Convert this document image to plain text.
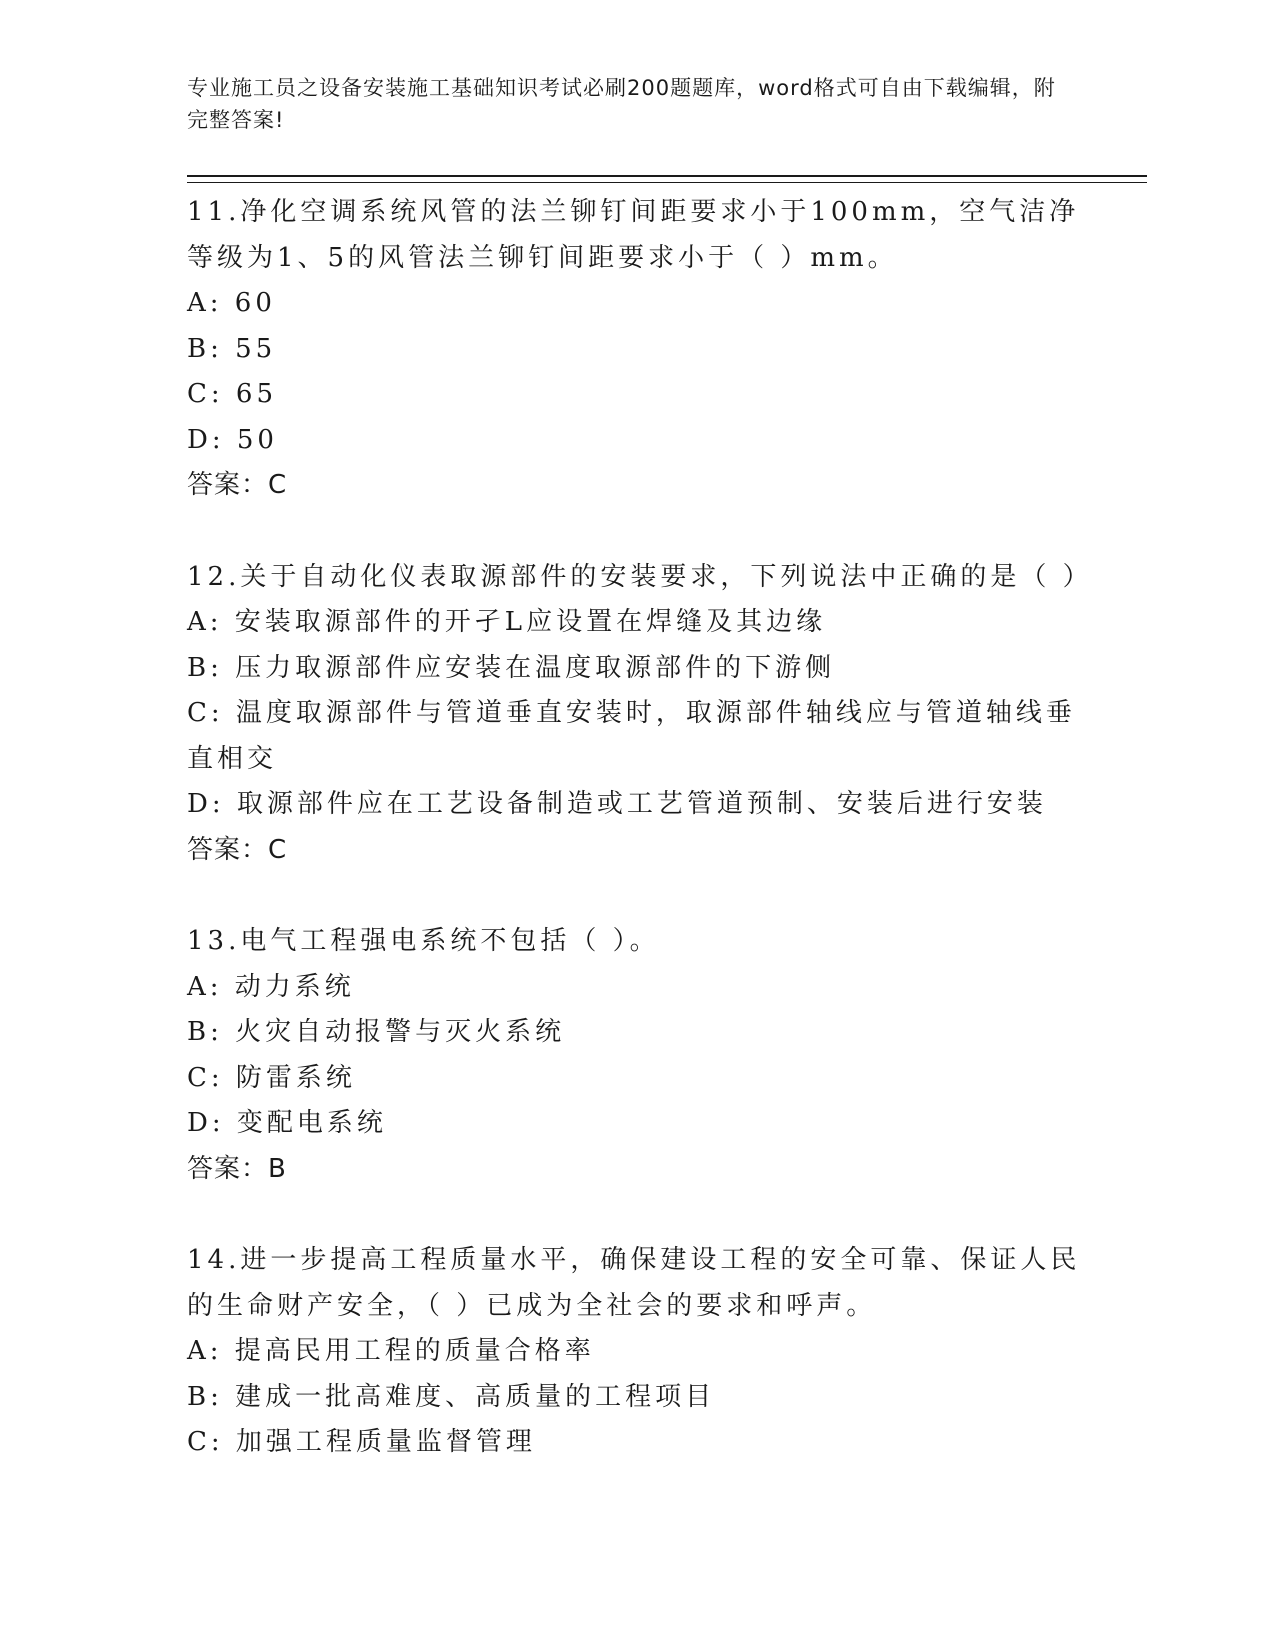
专业施工员之设备安装施工基础知识考试必刷200题题库，word格式可自由下载编辑，附完整答案!

11.净化空调系统风管的法兰铆钉间距要求小于100mm，空气洁净等级为1、5的风管法兰铆钉间距要求小于（ ）mm。

A: 60

B: 55

C: 65

D: 50

答案：C

12.关于自动化仪表取源部件的安装要求，下列说法中正确的是（ ）

A: 安装取源部件的开孑L应设置在焊缝及其边缘

B: 压力取源部件应安装在温度取源部件的下游侧

C: 温度取源部件与管道垂直安装时，取源部件轴线应与管道轴线垂直相交

D: 取源部件应在工艺设备制造或工艺管道预制、安装后进行安装

答案：C

13.电气工程强电系统不包括（ ）。

A: 动力系统

B: 火灾自动报警与灭火系统

C: 防雷系统

D: 变配电系统

答案：B

14.进一步提高工程质量水平，确保建设工程的安全可靠、保证人民的生命财产安全，（ ）已成为全社会的要求和呼声。

A: 提高民用工程的质量合格率

B: 建成一批高难度、高质量的工程项目

C: 加强工程质量监督管理
